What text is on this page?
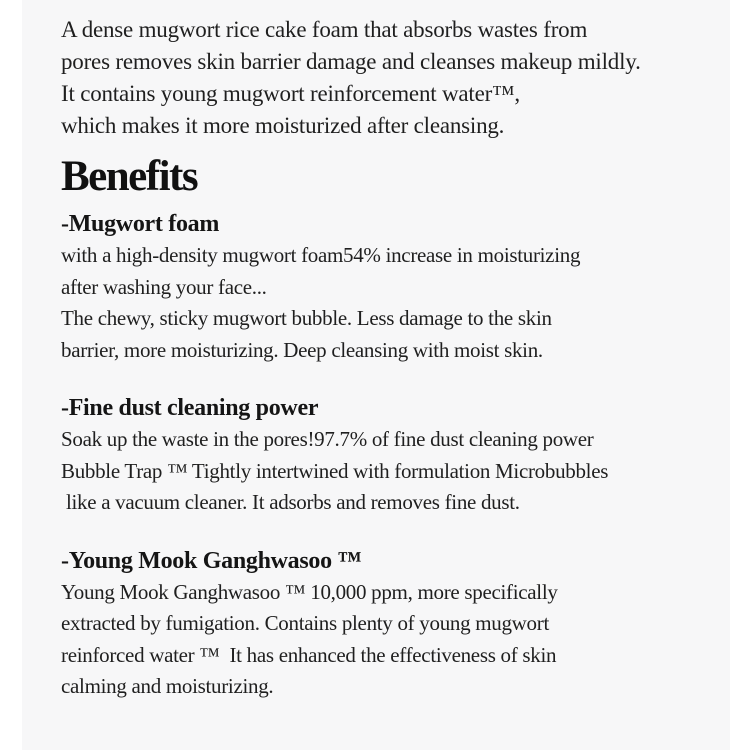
A dense mugwort rice cake foam that absorbs wastes from

pores removes skin barrier damage and cleanses makeup mildly.

It contains young mugwort reinforcement water™,

which makes it more moisturized after cleansing.

Benefits
-Mugwort foam

with a high-density mugwort foam54% increase in moisturizing

after washing your face...

The chewy, sticky mugwort bubble. Less damage to the skin

barrier, more moisturizing. Deep cleansing with moist skin.

-Fine dust cleaning power

Soak up the waste in the pores!97.7% of fine dust cleaning power

Bubble Trap ™ Tightly intertwined with formulation Microbubbles

like a vacuum cleaner. It adsorbs and removes fine dust.

-Young Mook Ganghwasoo ™

Young Mook Ganghwasoo ™ 10,000 ppm, more specifically

extracted by fumigation. Contains plenty of young mugwort

reinforced water ™  It has enhanced the effectiveness of skin

calming and moisturizing.
